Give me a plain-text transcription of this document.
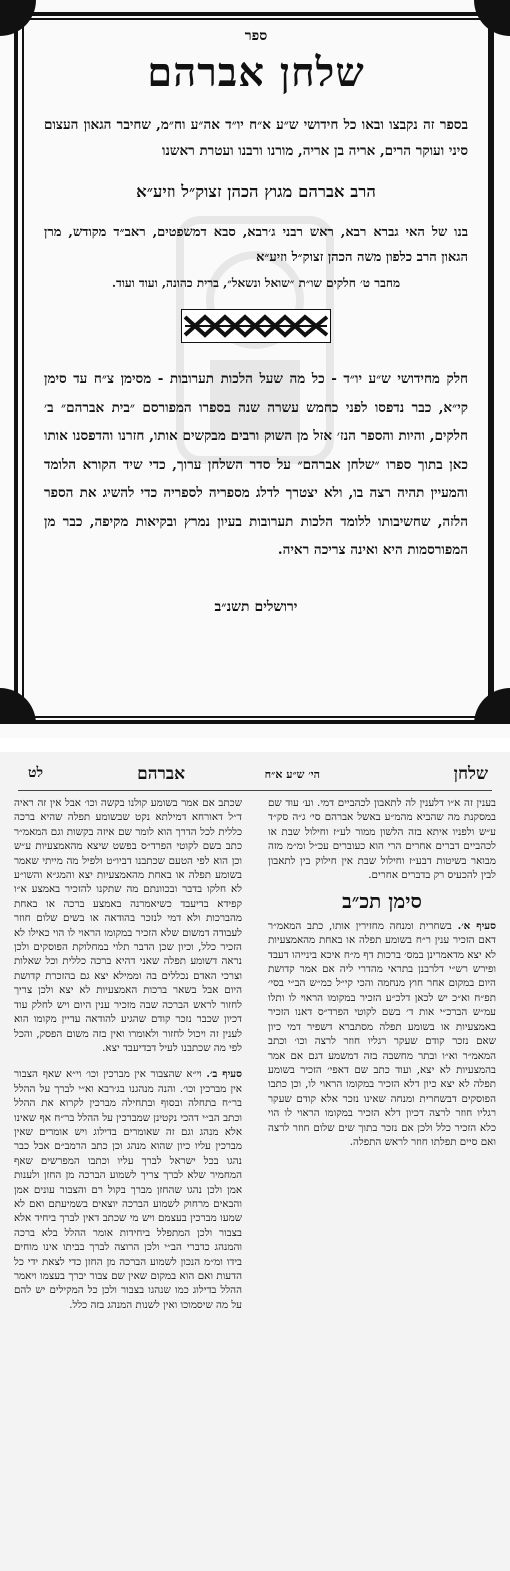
ספר

שלחן אברהם

בספר זה נקבצו ובאו כל חידושי ש״ע א״ח יו״ד אה״ע וח״מ, שחיבר הגאון העצום סיני ועוקר הרים, אריה בן אריה, מורנו ורבנו ועטרת ראשנו

הרב אברהם מגוץ הכהן זצוק״ל וזיע״א

בנו של האי גברא רבא, ראש רבני ג׳רבא, סבא דמשפטים, ראב״ד מקודש, מרן הגאון הרב כלפון משה הכהן זצוק״ל וזיע״א

מחבר ט׳ חלקים שו״ת ״שואל ונשאל״, ברית כהונה, ועוד ועוד.

חלק מחידושי ש״ע יו״ד - כל מה שעל הלכות תערובות - מסימן צ״ח עד סימן קי״א, כבר נדפסו לפני כחמש עשרה שנה בספרו המפורסם ״בית אברהם״ ב׳ חלקים, והיות והספר הנז׳ אזל מן השוק ורבים מבקשים אותו, חזרנו והדפסנו אותו כאן בתוך ספרו ״שלחן אברהם״ על סדר השלחן ערוך, כדי שיד הקורא הלומד והמעיין תהיה רצה בו, ולא יצטרך לדלג מספריה לספריה כדי להשיג את הספר הלזה, שחשיבותו ללומד הלכות תערובות בעיון נמרץ ובקיאות מקיפה, כבר מן המפורסמות היא ואינה צריכה ראיה.

ירושלים תשנ״ב
שלחן
הי׳ ש״ע א״ח
אברהם
לט

בענין זה א״ו דלענין לה לתאבון לכהביים דמי. וע׳ עוד שם במסקנת מה שהביא מהמ״ע באשל אברהם סי׳ ג״ה סק״ד ע״ש ולפניו איתא בזה הלשון ממור לע״ז וחילול שבת או לכהביים דברים אחרים הרי הוא כעוברים עכ״ל ומ״מ מזה מבואר בשיטות דבע״ז וחילול שבת אין חילוק בין לתאבון לבין להכעיס רק בדברים אחרים.

סימן תכ״ב

סעיף א׳. בשחרית ומנחה מחזירין אותו, כתב המאמ״ר דאם הזכיר ענין ר״ח בשומע תפלה או באחת מהאמצעיות לא יצא מדאמרינן במס׳ ברכות דף מ״ח איכא בינייהו דעבד ופירש רש״י דלרבנן בתראי מהדרי ליה אם אמר קדושת היום במקום אחר חוץ מנחמה והכי קי״ל כמ״ש הב״י בסי׳ תפ״ח וא״כ יש לכאן דלכ״ע הזכיר במקומו הראוי לו ותלו עמ״ש הברכ״י אות ד׳ בשם לקוטי הפרד״ס דאנו הזכיר באמצעיות או בשומע תפלה מסתברא דשפיר דמי כיון שאם נזכר קודם שעקר רגליו חוזר לרצה וכו׳ וכתב המאמ״ר וא״ו ובתר מחשבה בזה דמשמע דגם אם אמר בהמצעיות לא יצא, ועוד כתב שם דאפי׳ הזכיר בשומע תפלה לא יצא כיון דלא הזכיר במקומו הראוי לו, וכן כתבו הפוסקים דבשחרית ומנחה שאינו נזכר אלא קודם שעקר רגליו חוזר לרצה דכיון דלא הזכיר במקומו הראוי לו הוי כלא הזכיר כלל ולכן אם נזכר בתוך שים שלום חוזר לרצה ואם סיים תפלתו חוזר לראש התפלה.

שכתב אם אמר בשומע קולנו בקשה וכו׳ אבל אין זה ראיה ד״ל דאורחא דמילתא נקט שבשומע תפלה שהיא ברכה כללית לכל הדרך הוא לומר שם איזה בקשות וגם המאמ״ר כתב בשם לקוטי הפרד״ס בפשט שיצא מהאמצעיות ע״ש וכן הוא לפי הטעם שכתבנו דביו״ט ולפיל מה מייתי שאמר בשומע תפלה או באחת מהאמצעיות יצא והמג״א והשו״ע לא חלקו בדבר ובכוונתם מה שתקנו להזכיר באמצע א״ו קפידא בדיעבד כשיאמרנה באמצע ברכה או באחת מהברכות ולא דמי לנזכר בהודאה או בשים שלום חוזר לעבודה דמשום שלא הזכיר במקומו הראוי לו הוי כאילו לא הזכיר כלל, וכיון שכן הדבר תלוי במחלוקת הפוסקים ולכן נראה דשומע תפלה שאני דהיא ברכה כללית וכל שאלות וצרכי האדם נכללים בה וממילא יצא גם בהזכרת קדושת היום אבל בשאר ברכות האמצעיות לא יצא ולכן צריך לחזור לראש הברכה שבה מזכיר ענין היום ויש לחלק עוד דכיון שכבר נזכר קודם שהגיע להודאה עדיין מקומו הוא לענין זה ויכול לחזור ולאומרו ואין בזה משום הפסק, והכל לפי מה שכתבנו לעיל דבדיעבד יצא.

סעיף ב׳. וי״א שהצבור אין מברכין וכו׳ וי״א שאף הצבור אין מברכין וכו׳. והנה מנהגנו בג׳רבא וא״י לברך על ההלל בר״ח בתחלה ובסוף ובתחילה מברכין לקרוא את ההלל וכתב הב״י דהכי נקטינן שמברכין על ההלל בר״ח אף שאינו אלא מנהג וגם זה שאומרים בדילוג ויש אומרים שאין מברכין עליו כיון שהוא מנהג וכן כתב הרמב״ם אבל כבר נהגו בכל ישראל לברך עליו וכתבו המפרשים שאף המחמיר שלא לברך צריך לשמוע הברכה מן החזן ולענות אמן ולכן נהגו שהחזן מברך בקול רם והצבור עונים אמן והבאים מרחוק לשמוע הברכה יוצאים בשמיעתם ואם לא שמעו מברכין בעצמם ויש מי שכתב דאין לברך ביחיד אלא בצבור ולכן המתפלל ביחידות אומר ההלל בלא ברכה והמנהג כדברי הב״י ולכן הרוצה לברך בביתו אינו מוחים בידו ומ״מ הנכון לשמוע הברכה מן החזן כדי לצאת ידי כל הדעות ואם הוא במקום שאין שם צבור יברך בעצמו ויאמר ההלל בדילוג כמו שנהגו בצבור ולכן כל המקילים יש להם על מה שיסמוכו ואין לשנות המנהג בזה כלל.
